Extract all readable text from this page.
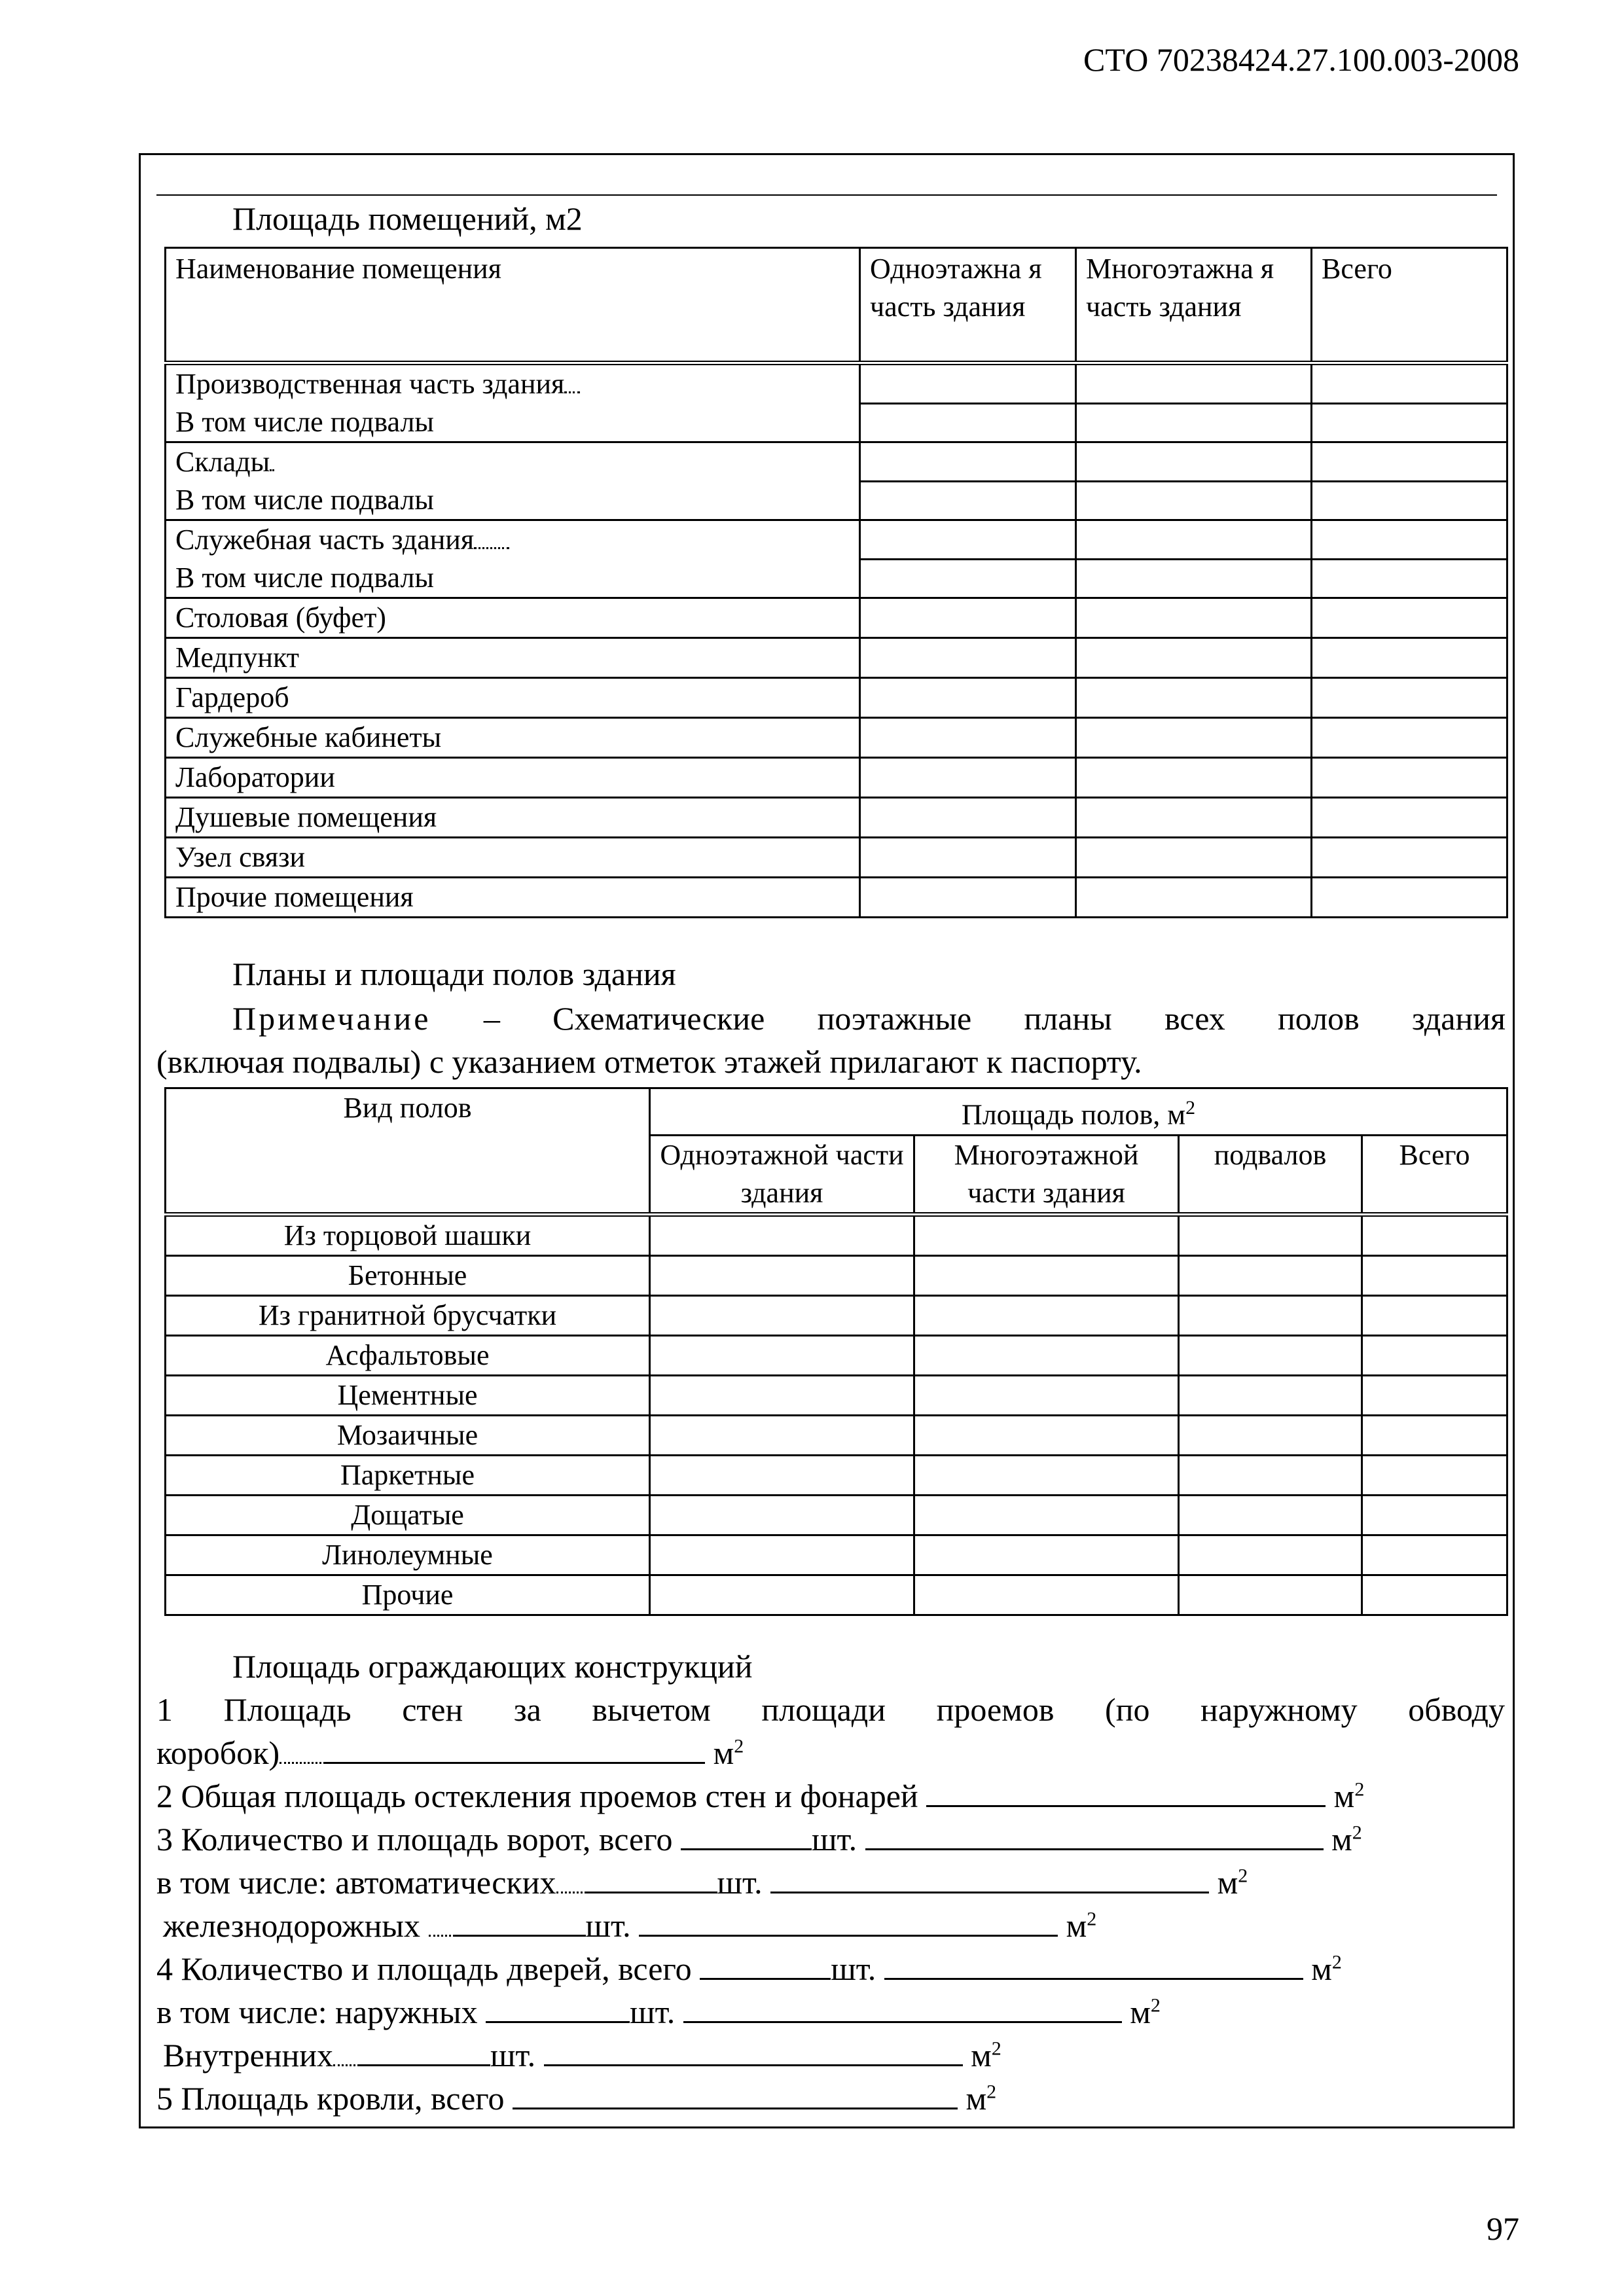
СТО 70238424.27.100.003-2008
Площадь помещений, м2
Наименование помещения	Одноэтажна я часть здания	Многоэтажна я часть здания	Всего
Производственная часть здания			
В том числе подвалы			
Склады			
В том числе подвалы			
Служебная часть здания			
В том числе подвалы			
Столовая (буфет)			
Медпункт			
Гардероб			
Служебные кабинеты			
Лаборатории			
Душевые помещения			
Узел связи			
Прочие помещения			
Планы и площади полов здания
Примечание – Схематические поэтажные планы всех полов здания
(включая подвалы) с указанием отметок этажей прилагают к паспорту.
Вид полов	Площадь полов, $м^2$
	Одноэтажной части здания	Многоэтажной части здания	подвалов	Всего
Из торцовой шашки				
Бетонные				
Из гранитной брусчатки				
Асфальтовые				
Цементные				
Мозаичные				
Паркетные				
Дощатые				
Линолеумные				
Прочие				
Площадь ограждающих конструкций
1 Площадь стен за вычетом площади проемов (по наружному обводу
коробок)	$м^2$
2 Общая площадь остекления проемов стен и фонарей	$м^2$
3 Количество и площадь ворот, всего	шт.	$м^2$
в том числе: автоматических	шт.	$м^2$
железнодорожных	шт.	$м^2$
4 Количество и площадь дверей, всего	шт.	$м^2$
в том числе: наружных	шт.	$м^2$
Внутренних	шт.	$м^2$
5 Площадь кровли, всего	$м^2$
97
